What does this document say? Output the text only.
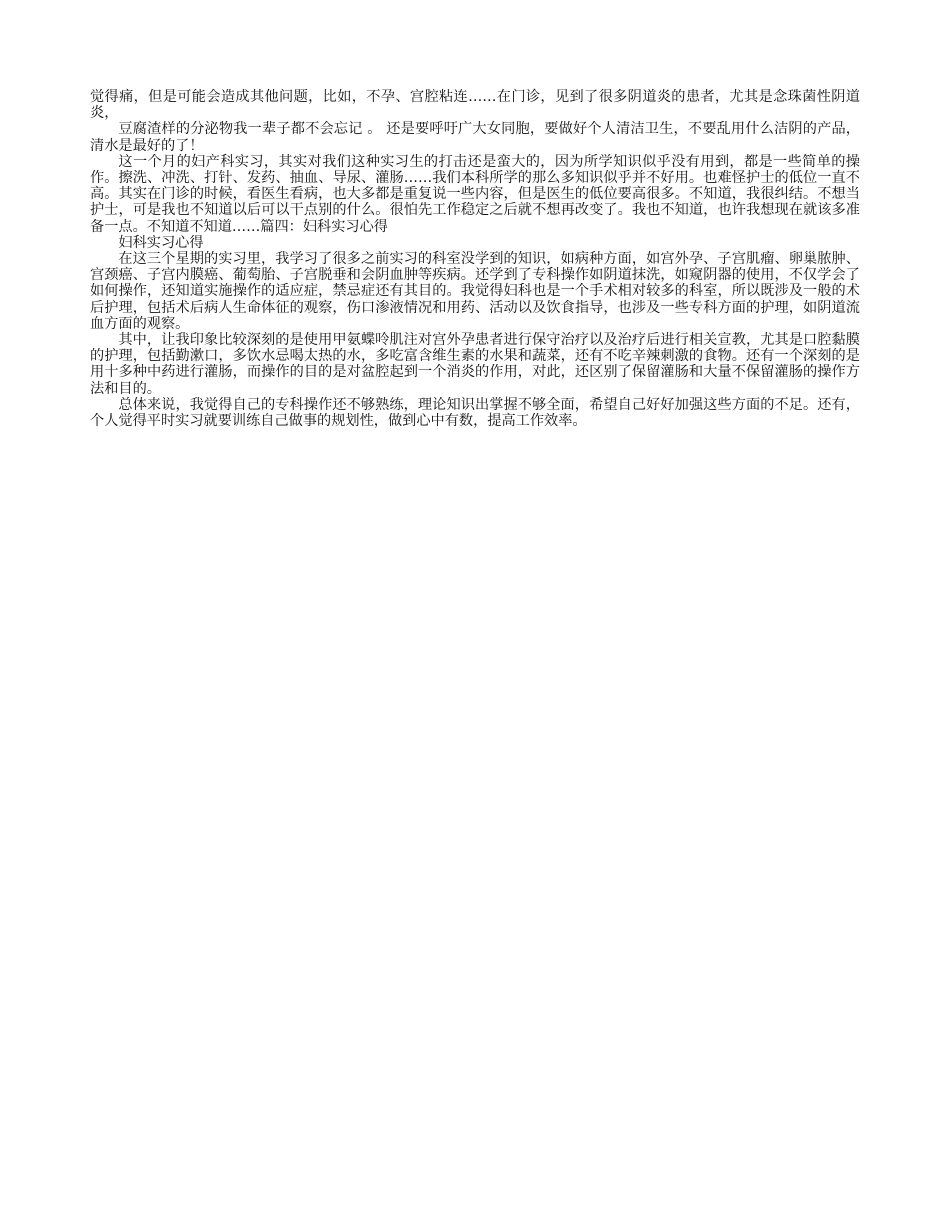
觉得痛，但是可能会造成其他问题，比如，不孕、宫腔粘连……在门诊，见到了很多阴道炎的患者，尤其是念珠菌性阴道炎，

豆腐渣样的分泌物我一辈子都不会忘记 。 还是要呼吁广大女同胞，要做好个人清洁卫生，不要乱用什么洁阴的产品，清水是最好的了！

这一个月的妇产科实习，其实对我们这种实习生的打击还是蛮大的，因为所学知识似乎没有用到，都是一些简单的操作。擦洗、冲洗、打针、发药、抽血、导尿、灌肠……我们本科所学的那么多知识似乎并不好用。也难怪护士的低位一直不高。其实在门诊的时候，看医生看病，也大多都是重复说一些内容，但是医生的低位要高很多。不知道，我很纠结。不想当护士，可是我也不知道以后可以干点别的什么。很怕先工作稳定之后就不想再改变了。我也不知道，也许我想现在就该多准备一点。不知道不知道……篇四：妇科实习心得

妇科实习心得

在这三个星期的实习里，我学习了很多之前实习的科室没学到的知识，如病种方面，如宫外孕、子宫肌瘤、卵巢脓肿、宫颈癌、子宫内膜癌、葡萄胎、子宫脱垂和会阴血肿等疾病。还学到了专科操作如阴道抹洗，如窥阴器的使用，不仅学会了如何操作，还知道实施操作的适应症，禁忌症还有其目的。我觉得妇科也是一个手术相对较多的科室，所以既涉及一般的术后护理，包括术后病人生命体征的观察，伤口渗液情况和用药、活动以及饮食指导，也涉及一些专科方面的护理，如阴道流血方面的观察。

其中，让我印象比较深刻的是使用甲氨蝶呤肌注对宫外孕患者进行保守治疗以及治疗后进行相关宣教，尤其是口腔黏膜的护理，包括勤漱口，多饮水忌喝太热的水，多吃富含维生素的水果和蔬菜，还有不吃辛辣刺激的食物。还有一个深刻的是用十多种中药进行灌肠，而操作的目的是对盆腔起到一个消炎的作用，对此，还区别了保留灌肠和大量不保留灌肠的操作方法和目的。

总体来说，我觉得自己的专科操作还不够熟练，理论知识出掌握不够全面，希望自己好好加强这些方面的不足。还有，个人觉得平时实习就要训练自己做事的规划性，做到心中有数，提高工作效率。
